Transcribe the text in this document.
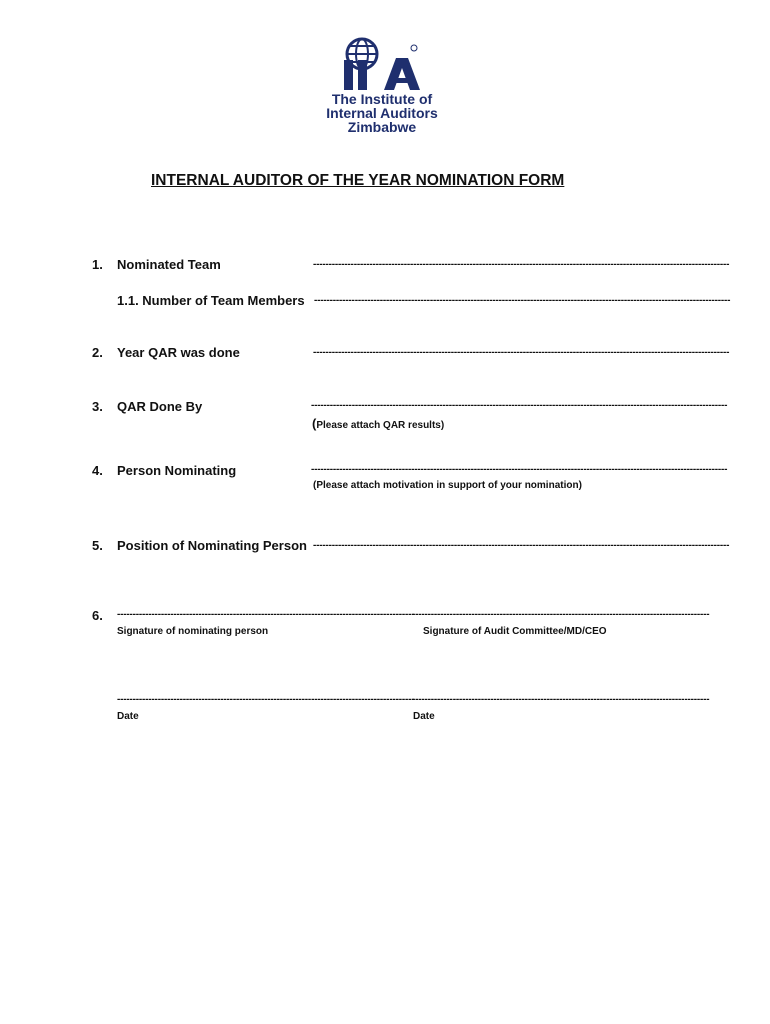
The Institute of
Internal Auditors
Zimbabwe
INTERNAL AUDITOR OF THE YEAR NOMINATION FORM
1. Nominated Team	-------------------------------------------------------------------------------------------------------------------------------------
1.1. Number of Team Members -------------------------------------------------------------------------------------------------------------------------------------
2. Year QAR was done	-------------------------------------------------------------------------------------------------------------------------------------
3. QAR Done By	-------------------------------------------------------------------------------------------------------------------------------------
(Please attach QAR results)
4. Person Nominating	-------------------------------------------------------------------------------------------------------------------------------------
(Please attach motivation in support of your nomination)
5. Position of Nominating Person -------------------------------------------------------------------------------------------------------------------------------------
6. -----------------------------------------------------------------------------------------------
-----------------------------------------------------------------------------------------------
Signature of nominating person	Signature of Audit Committee/MD/CEO
-----------------------------------------------------------------------------------------------
-----------------------------------------------------------------------------------------------
Date	Date
